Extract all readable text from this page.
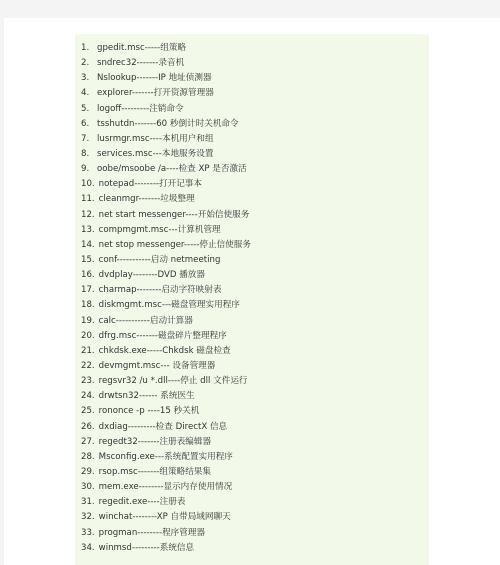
1. gpedit.msc-----组策略
2. sndrec32-------录音机
3. Nslookup-------IP 地址侦测器
4. explorer-------打开资源管理器
5. logoff---------注销命令
6. tsshutdn-------60 秒倒计时关机命令
7. lusrmgr.msc----本机用户和组
8. services.msc---本地服务设置
9. oobe/msoobe /a----检查 XP 是否激活
10. notepad--------打开记事本
11. cleanmgr-------垃圾整理
12. net start messenger----开始信使服务
13. compmgmt.msc---计算机管理
14. net stop messenger-----停止信使服务
15. conf-----------启动 netmeeting
16. dvdplay--------DVD 播放器
17. charmap--------启动字符映射表
18. diskmgmt.msc---磁盘管理实用程序
19. calc-----------启动计算器
20. dfrg.msc-------磁盘碎片整理程序
21. chkdsk.exe-----Chkdsk 磁盘检查
22. devmgmt.msc--- 设备管理器
23. regsvr32 /u *.dll----停止 dll 文件运行
24. drwtsn32------ 系统医生
25. rononce -p ----15 秒关机
26. dxdiag---------检查 DirectX 信息
27. regedt32-------注册表编辑器
28. Msconfig.exe---系统配置实用程序
29. rsop.msc-------组策略结果集
30. mem.exe--------显示内存使用情况
31. regedit.exe----注册表
32. winchat--------XP 自带局域网聊天
33. progman--------程序管理器
34. winmsd---------系统信息
